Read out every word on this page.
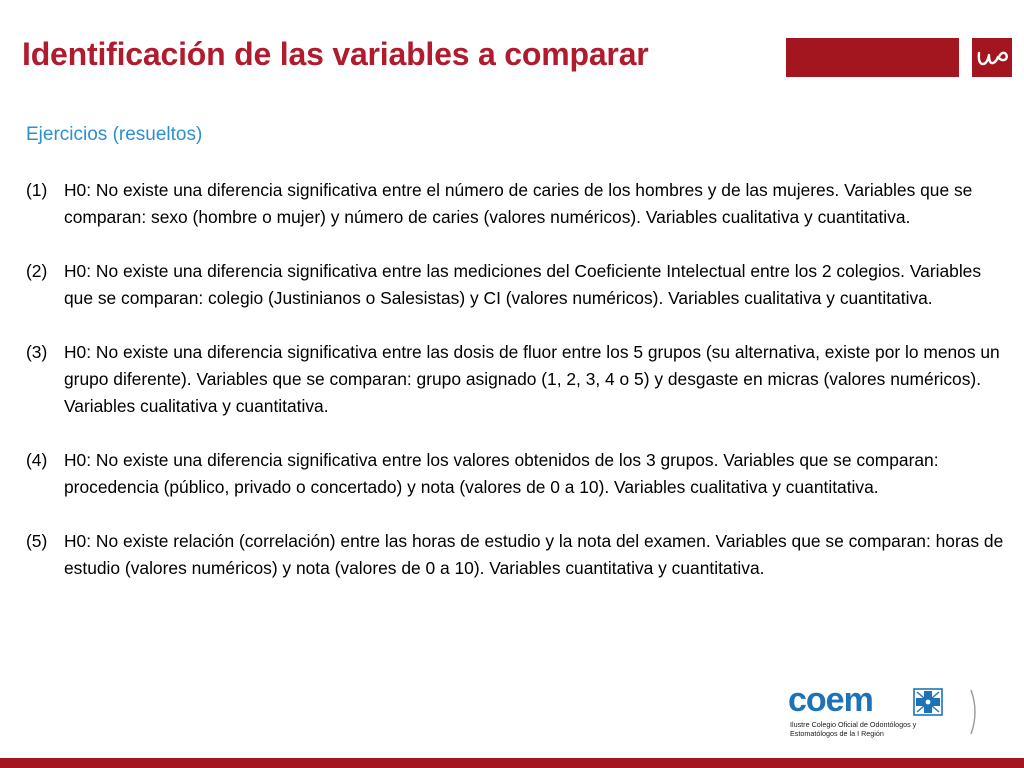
Identificación de las variables a comparar
Ejercicios (resueltos)
(1) H0: No existe una diferencia significativa entre el número de caries de los hombres y de las mujeres. Variables que se comparan: sexo (hombre o mujer) y número de caries (valores numéricos). Variables cualitativa y cuantitativa.
(2) H0: No existe una diferencia significativa entre las mediciones del Coeficiente Intelectual entre los 2 colegios. Variables que se comparan: colegio (Justinianos o Salesistas) y CI (valores numéricos). Variables cualitativa y cuantitativa.
(3) H0: No existe una diferencia significativa entre las dosis de fluor entre los 5 grupos (su alternativa, existe por lo menos un grupo diferente). Variables que se comparan: grupo asignado (1, 2, 3, 4 o 5) y desgaste en micras (valores numéricos). Variables cualitativa y cuantitativa.
(4) H0: No existe una diferencia significativa entre los valores obtenidos de los 3 grupos. Variables que se comparan: procedencia (público, privado o concertado) y nota (valores de 0 a 10). Variables cualitativa y cuantitativa.
(5) H0: No existe relación (correlación) entre las horas de estudio y la nota del examen. Variables que se comparan: horas de estudio (valores numéricos) y nota (valores de 0 a 10). Variables cuantitativa y cuantitativa.
coem
Ilustre Colegio Oficial de Odontólogos y
Estomatólogos de la I Región
